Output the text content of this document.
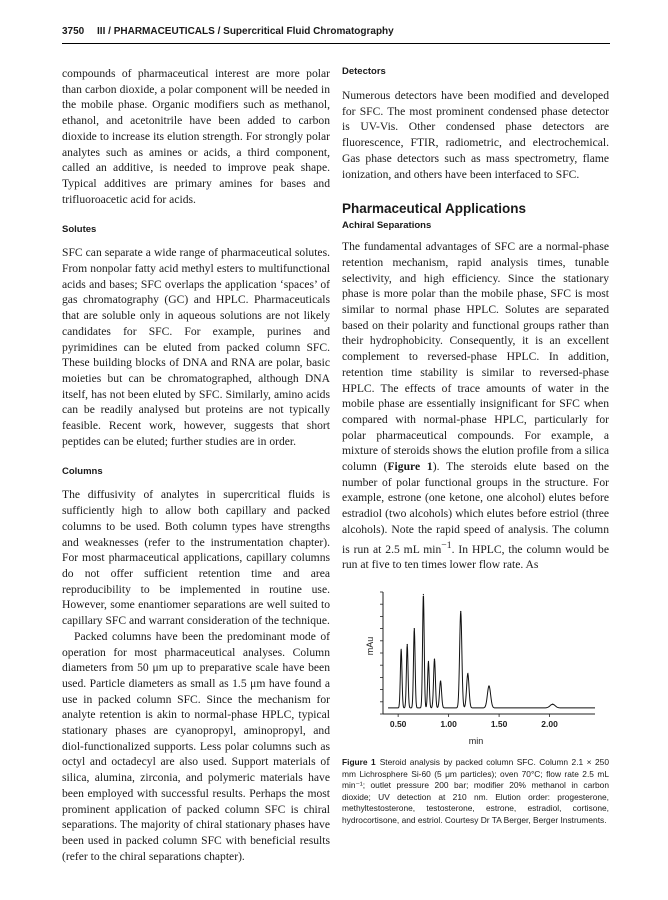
3750 III / PHARMACEUTICALS / Supercritical Fluid Chromatography

compounds of pharmaceutical interest are more polar than carbon dioxide, a polar component will be needed in the mobile phase. Organic modifiers such as methanol, ethanol, and acetonitrile have been added to carbon dioxide to increase its elution strength. For strongly polar analytes such as amines or acids, a third component, called an additive, is needed to improve peak shape. Typical additives are primary amines for bases and trifluoroacetic acid for acids.

Solutes

SFC can separate a wide range of pharmaceutical solutes. From nonpolar fatty acid methyl esters to multifunctional acids and bases; SFC overlaps the application ‘spaces’ of gas chromatography (GC) and HPLC. Pharmaceuticals that are soluble only in aqueous solutions are not likely candidates for SFC. For example, purines and pyrimidines can be eluted from packed column SFC. These building blocks of DNA and RNA are polar, basic moieties but can be chromatographed, although DNA itself, has not been eluted by SFC. Similarly, amino acids can be readily analysed but proteins are not typically feasible. Recent work, however, suggests that short peptides can be eluted; further studies are in order.

Columns

The diffusivity of analytes in supercritical fluids is sufficiently high to allow both capillary and packed columns to be used. Both column types have strengths and weaknesses (refer to the instrumentation chapter). For most pharmaceutical applications, capillary columns do not offer sufficient retention time and area reproducibility to be implemented in routine use. However, some enantiomer separations are well suited to capillary SFC and warrant consideration of the technique.

Packed columns have been the predominant mode of operation for most pharmaceutical analyses. Column diameters from 50 μm up to preparative scale have been used. Particle diameters as small as 1.5 μm have found a use in packed column SFC. Since the mechanism for analyte retention is akin to normal-phase HPLC, typical stationary phases are cyanopropyl, aminopropyl, and diol-functionalized supports. Less polar columns such as octyl and octadecyl are also used. Support materials of silica, alumina, zirconia, and polymeric materials have been employed with successful results. Perhaps the most prominent application of packed column SFC is chiral separations. The majority of chiral stationary phases have been used in packed column SFC with beneficial results (refer to the chiral separations chapter).

Detectors

Numerous detectors have been modified and developed for SFC. The most prominent condensed phase detector is UV-Vis. Other condensed phase detectors are fluorescence, FTIR, radiometric, and electrochemical. Gas phase detectors such as mass spectrometry, flame ionization, and others have been interfaced to SFC.

Pharmaceutical Applications
Achiral Separations

The fundamental advantages of SFC are a normal-phase retention mechanism, rapid analysis times, tunable selectivity, and high efficiency. Since the stationary phase is more polar than the mobile phase, SFC is most similar to normal phase HPLC. Solutes are separated based on their polarity and functional groups rather than their hydrophobicity. Consequently, it is an excellent complement to reversed-phase HPLC. In addition, retention time stability is similar to reversed-phase HPLC. The effects of trace amounts of water in the mobile phase are essentially insignificant for SFC when compared with normal-phase HPLC, particularly for polar pharmaceutical compounds. For example, a mixture of steroids shows the elution profile from a silica column (Figure 1). The steroids elute based on the number of polar functional groups in the structure. For example, estrone (one ketone, one alcohol) elutes before estradiol (two alcohols) which elutes before estriol (three alcohols). Note the rapid speed of analysis. The column is run at 2.5 mL $\min^{-1}$. In HPLC, the column would be run at five to ten times lower flow rate. As

mAu
min
0.50	1.00	1.50	2.00
Figure 1 Steroid analysis by packed column SFC. Column 2.1 × 250 mm Lichrosphere Si-60 (5 μm particles); oven 70°C; flow rate 2.5 mL min⁻¹; outlet pressure 200 bar; modifier 20% methanol in carbon dioxide; UV detection at 210 nm. Elution order: progesterone, methyltestosterone, testosterone, estrone, estradiol, cortisone, hydrocortisone, and estriol. Courtesy Dr TA Berger, Berger Instruments.
